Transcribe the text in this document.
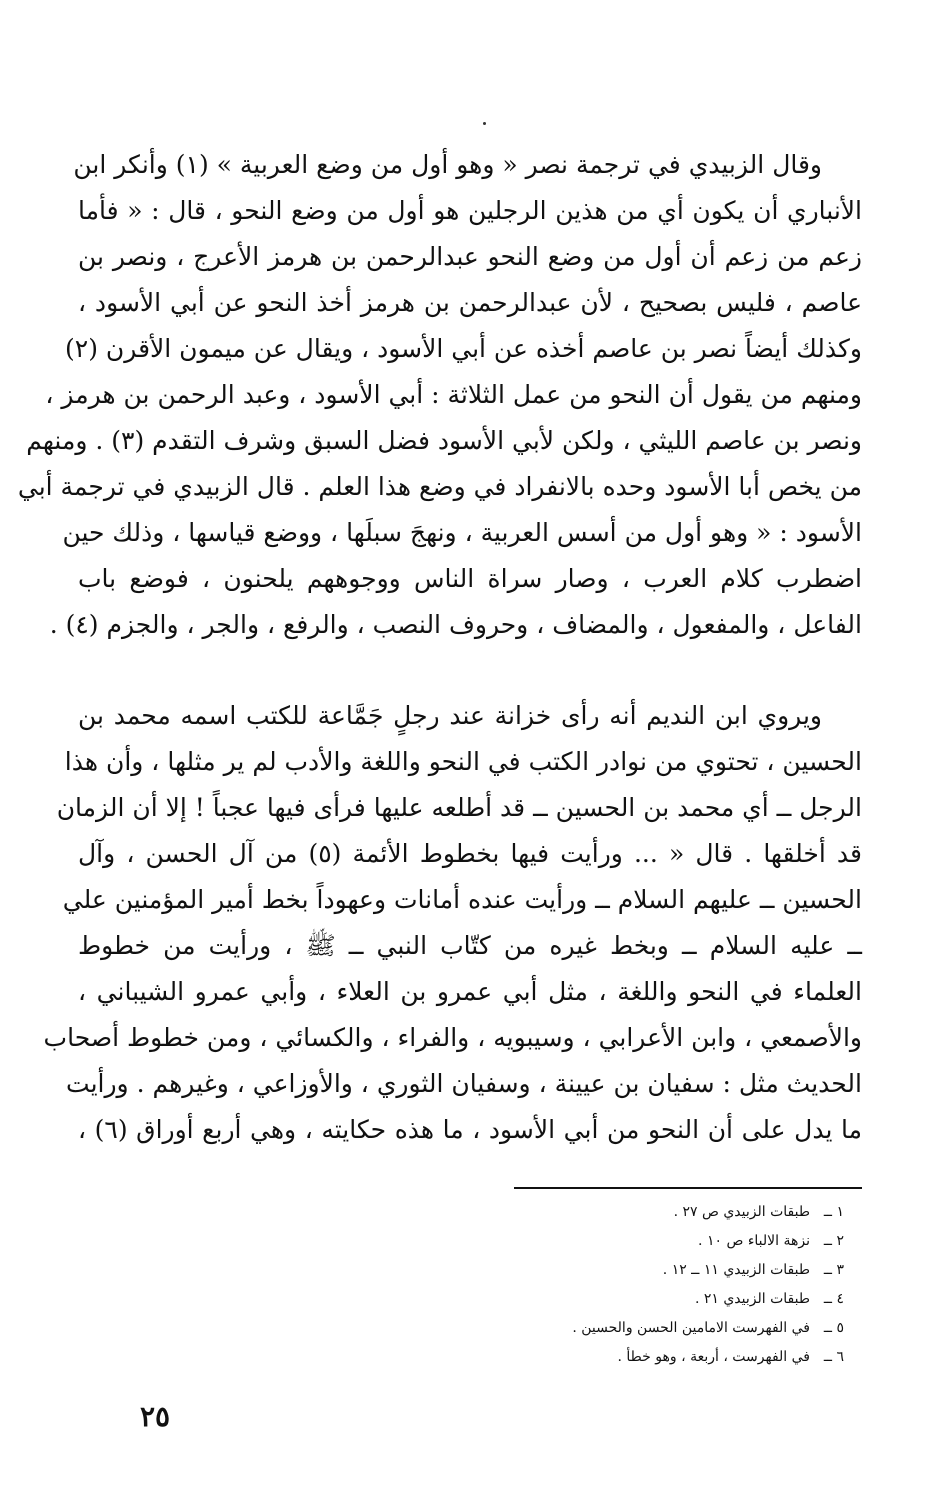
وقال الزبيدي في ترجمة نصر « وهو أول من وضع العربية » (١) وأنكر ابن
الأنباري أن يكون أي من هذين الرجلين هو أول من وضع النحو ، قال : « فأما
زعم من زعم أن أول من وضع النحو عبدالرحمن بن هرمز الأعرج ، ونصر بن
عاصم ، فليس بصحيح ، لأن عبدالرحمن بن هرمز أخذ النحو عن أبي الأسود ،
وكذلك أيضاً نصر بن عاصم أخذه عن أبي الأسود ، ويقال عن ميمون الأقرن (٢)
ومنهم من يقول أن النحو من عمل الثلاثة : أبي الأسود ، وعبد الرحمن بن هرمز ،
ونصر بن عاصم الليثي ، ولكن لأبي الأسود فضل السبق وشرف التقدم (٣) . ومنهم
من يخص أبا الأسود وحده بالانفراد في وضع هذا العلم . قال الزبيدي في ترجمة أبي
الأسود : « وهو أول من أسس العربية ، ونهجَ سبلَها ، ووضع قياسها ، وذلك حين
اضطرب كلام العرب ، وصار سراة الناس ووجوههم يلحنون ، فوضع باب
الفاعل ، والمفعول ، والمضاف ، وحروف النصب ، والرفع ، والجر ، والجزم (٤) .
ويروي ابن النديم أنه رأى خزانة عند رجلٍ جَمَّاعة للكتب اسمه محمد بن
الحسين ، تحتوي من نوادر الكتب في النحو واللغة والأدب لم ير مثلها ، وأن هذا
الرجل ــ أي محمد بن الحسين ــ قد أطلعه عليها فرأى فيها عجباً ! إلا أن الزمان
قد أخلقها . قال « ... ورأيت فيها بخطوط الأئمة (٥) من آل الحسن ، وآل
الحسين ــ عليهم السلام ــ ورأيت عنده أمانات وعهوداً بخط أمير المؤمنين علي
ــ عليه السلام ــ وبخط غيره من كتّاب النبي ــ ﷺ ، ورأيت من خطوط
العلماء في النحو واللغة ، مثل أبي عمرو بن العلاء ، وأبي عمرو الشيباني ،
والأصمعي ، وابن الأعرابي ، وسيبويه ، والفراء ، والكسائي ، ومن خطوط أصحاب
الحديث مثل : سفيان بن عيينة ، وسفيان الثوري ، والأوزاعي ، وغيرهم . ورأيت
ما يدل على أن النحو من أبي الأسود ، ما هذه حكايته ، وهي أربع أوراق (٦) ،
١ ــطبقات الزبيدي ص ٢٧ .
٢ ــنزهة الالباء ص ١٠ .
٣ ــطبقات الزبيدي ١١ ــ ١٢ .
٤ ــطبقات الزبيدي ٢١ .
٥ ــفي الفهرست الامامين الحسن والحسين .
٦ ــفي الفهرست ، أربعة ، وهو خطأ .
٢٥
